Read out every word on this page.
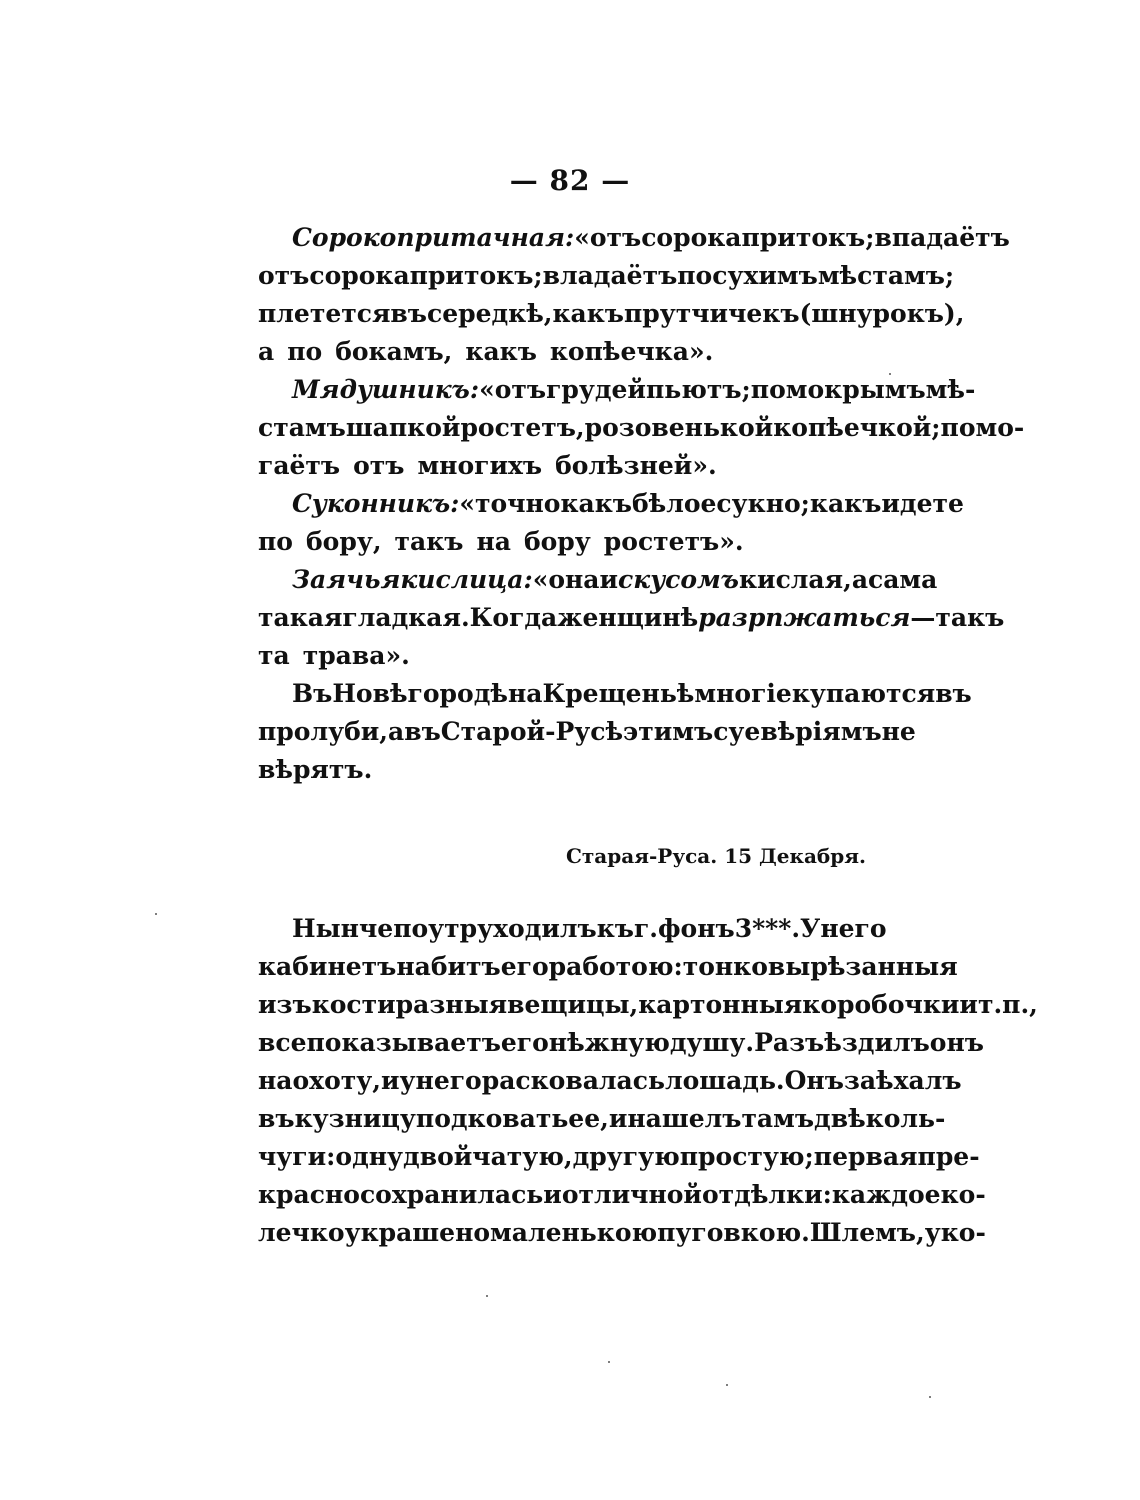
— 82 —
Сорокопритачная: «отъ сорока притокъ; впадаётъ
отъ сорока притокъ; владаётъ по сухимъ мѣстамъ;
плетется въ середкѣ, какъ прутчичекъ (шнурокъ),
а по бокамъ, какъ копѣечка».
Мядушникъ: «отъ грудей пьютъ; по мокрымъ мѣ-
стамъ шапкой ростетъ, розовенькой копѣечкой; помо-
гаётъ отъ многихъ болѣзней».
Суконникъ: «точно какъ бѣлое сукно; какъ идете
по бору, такъ на бору ростетъ».
Заячья кислица: «она и скусомъ кислая, а сама
такая гладкая. Когда женщинѣ разрпжаться —такъ
та трава».
Въ Новѣгородѣ на Крещеньѣ многіе купаются въ
пролуби, а въ Старой-Русѣ этимъ суевѣріямъ не
вѣрятъ.
Старая-Руса. 15 Декабря.
Нынче поутру ходилъ къ г. фонъ 3***. У него
кабинетъ набитъ его работою: тонко вырѣзанныя
изъ кости разныя вещицы, картонныя коробочки и т. п.,
все показываетъ его нѣжную душу. Разъ ѣздилъ онъ
на охоту, и у него расковалась лошадь. Онъ заѣхалъ
въ кузницу подковать ее, и нашелъ тамъ двѣ коль-
чуги: одну двойчатую, другую простую; первая пре-
красно сохранилась и отличной отдѣлки: каждое ко-
лечко украшено маленькою пуговкою. Шлемъ, у ко-
